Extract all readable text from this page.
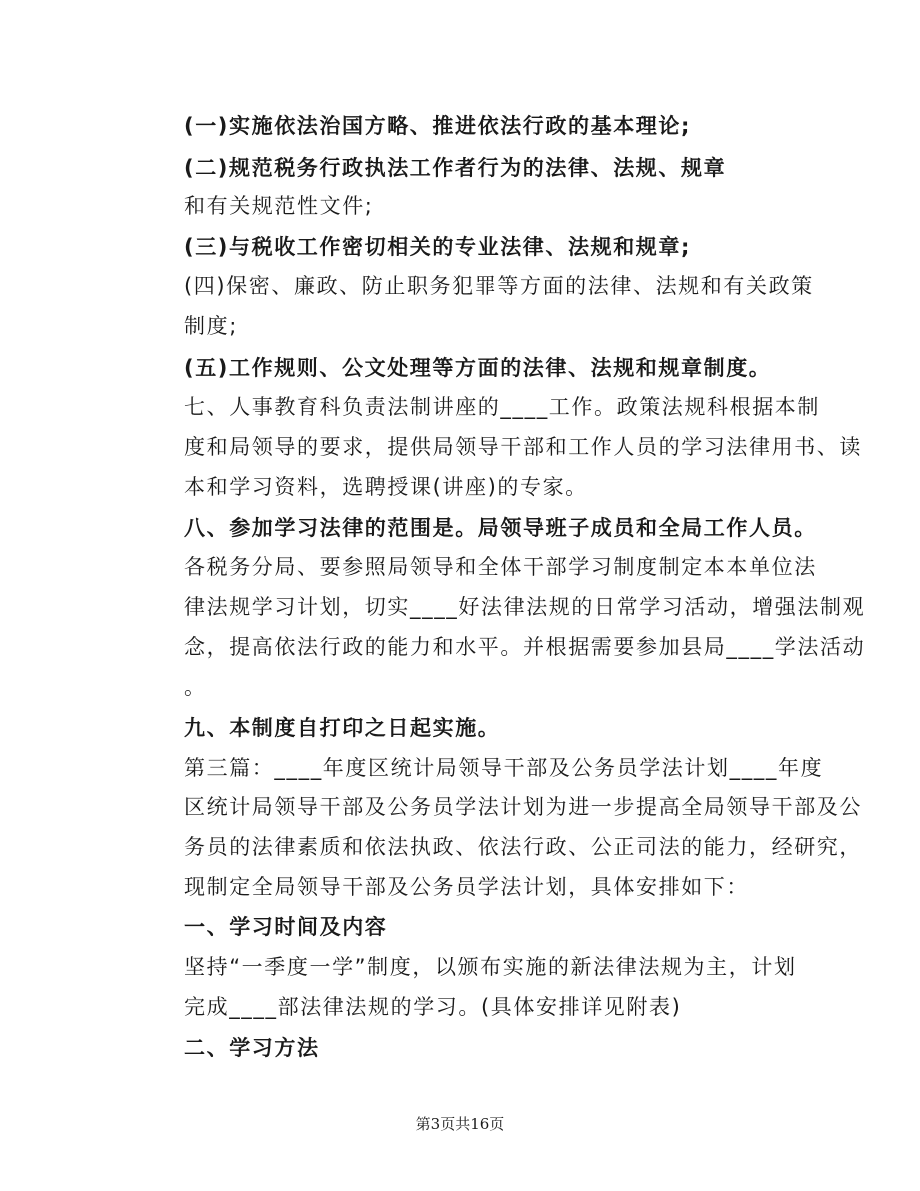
(一)实施依法治国方略、推进依法行政的基本理论;
(二)规范税务行政执法工作者行为的法律、法规、规章
和有关规范性文件;
(三)与税收工作密切相关的专业法律、法规和规章;
(四)保密、廉政、防止职务犯罪等方面的法律、法规和有关政策
制度;
(五)工作规则、公文处理等方面的法律、法规和规章制度。
七、人事教育科负责法制讲座的____工作。政策法规科根据本制
度和局领导的要求，提供局领导干部和工作人员的学习法律用书、读
本和学习资料，选聘授课(讲座)的专家。
八、参加学习法律的范围是。局领导班子成员和全局工作人员。
各税务分局、要参照局领导和全体干部学习制度制定本本单位法
律法规学习计划，切实____好法律法规的日常学习活动，增强法制观
念，提高依法行政的能力和水平。并根据需要参加县局____学法活动
。
九、本制度自打印之日起实施。
第三篇：____年度区统计局领导干部及公务员学法计划____年度
区统计局领导干部及公务员学法计划为进一步提高全局领导干部及公
务员的法律素质和依法执政、依法行政、公正司法的能力，经研究，
现制定全局领导干部及公务员学法计划，具体安排如下：
一、学习时间及内容
坚持“一季度一学”制度，以颁布实施的新法律法规为主，计划
完成____部法律法规的学习。(具体安排详见附表)
二、学习方法
第3页共16页
